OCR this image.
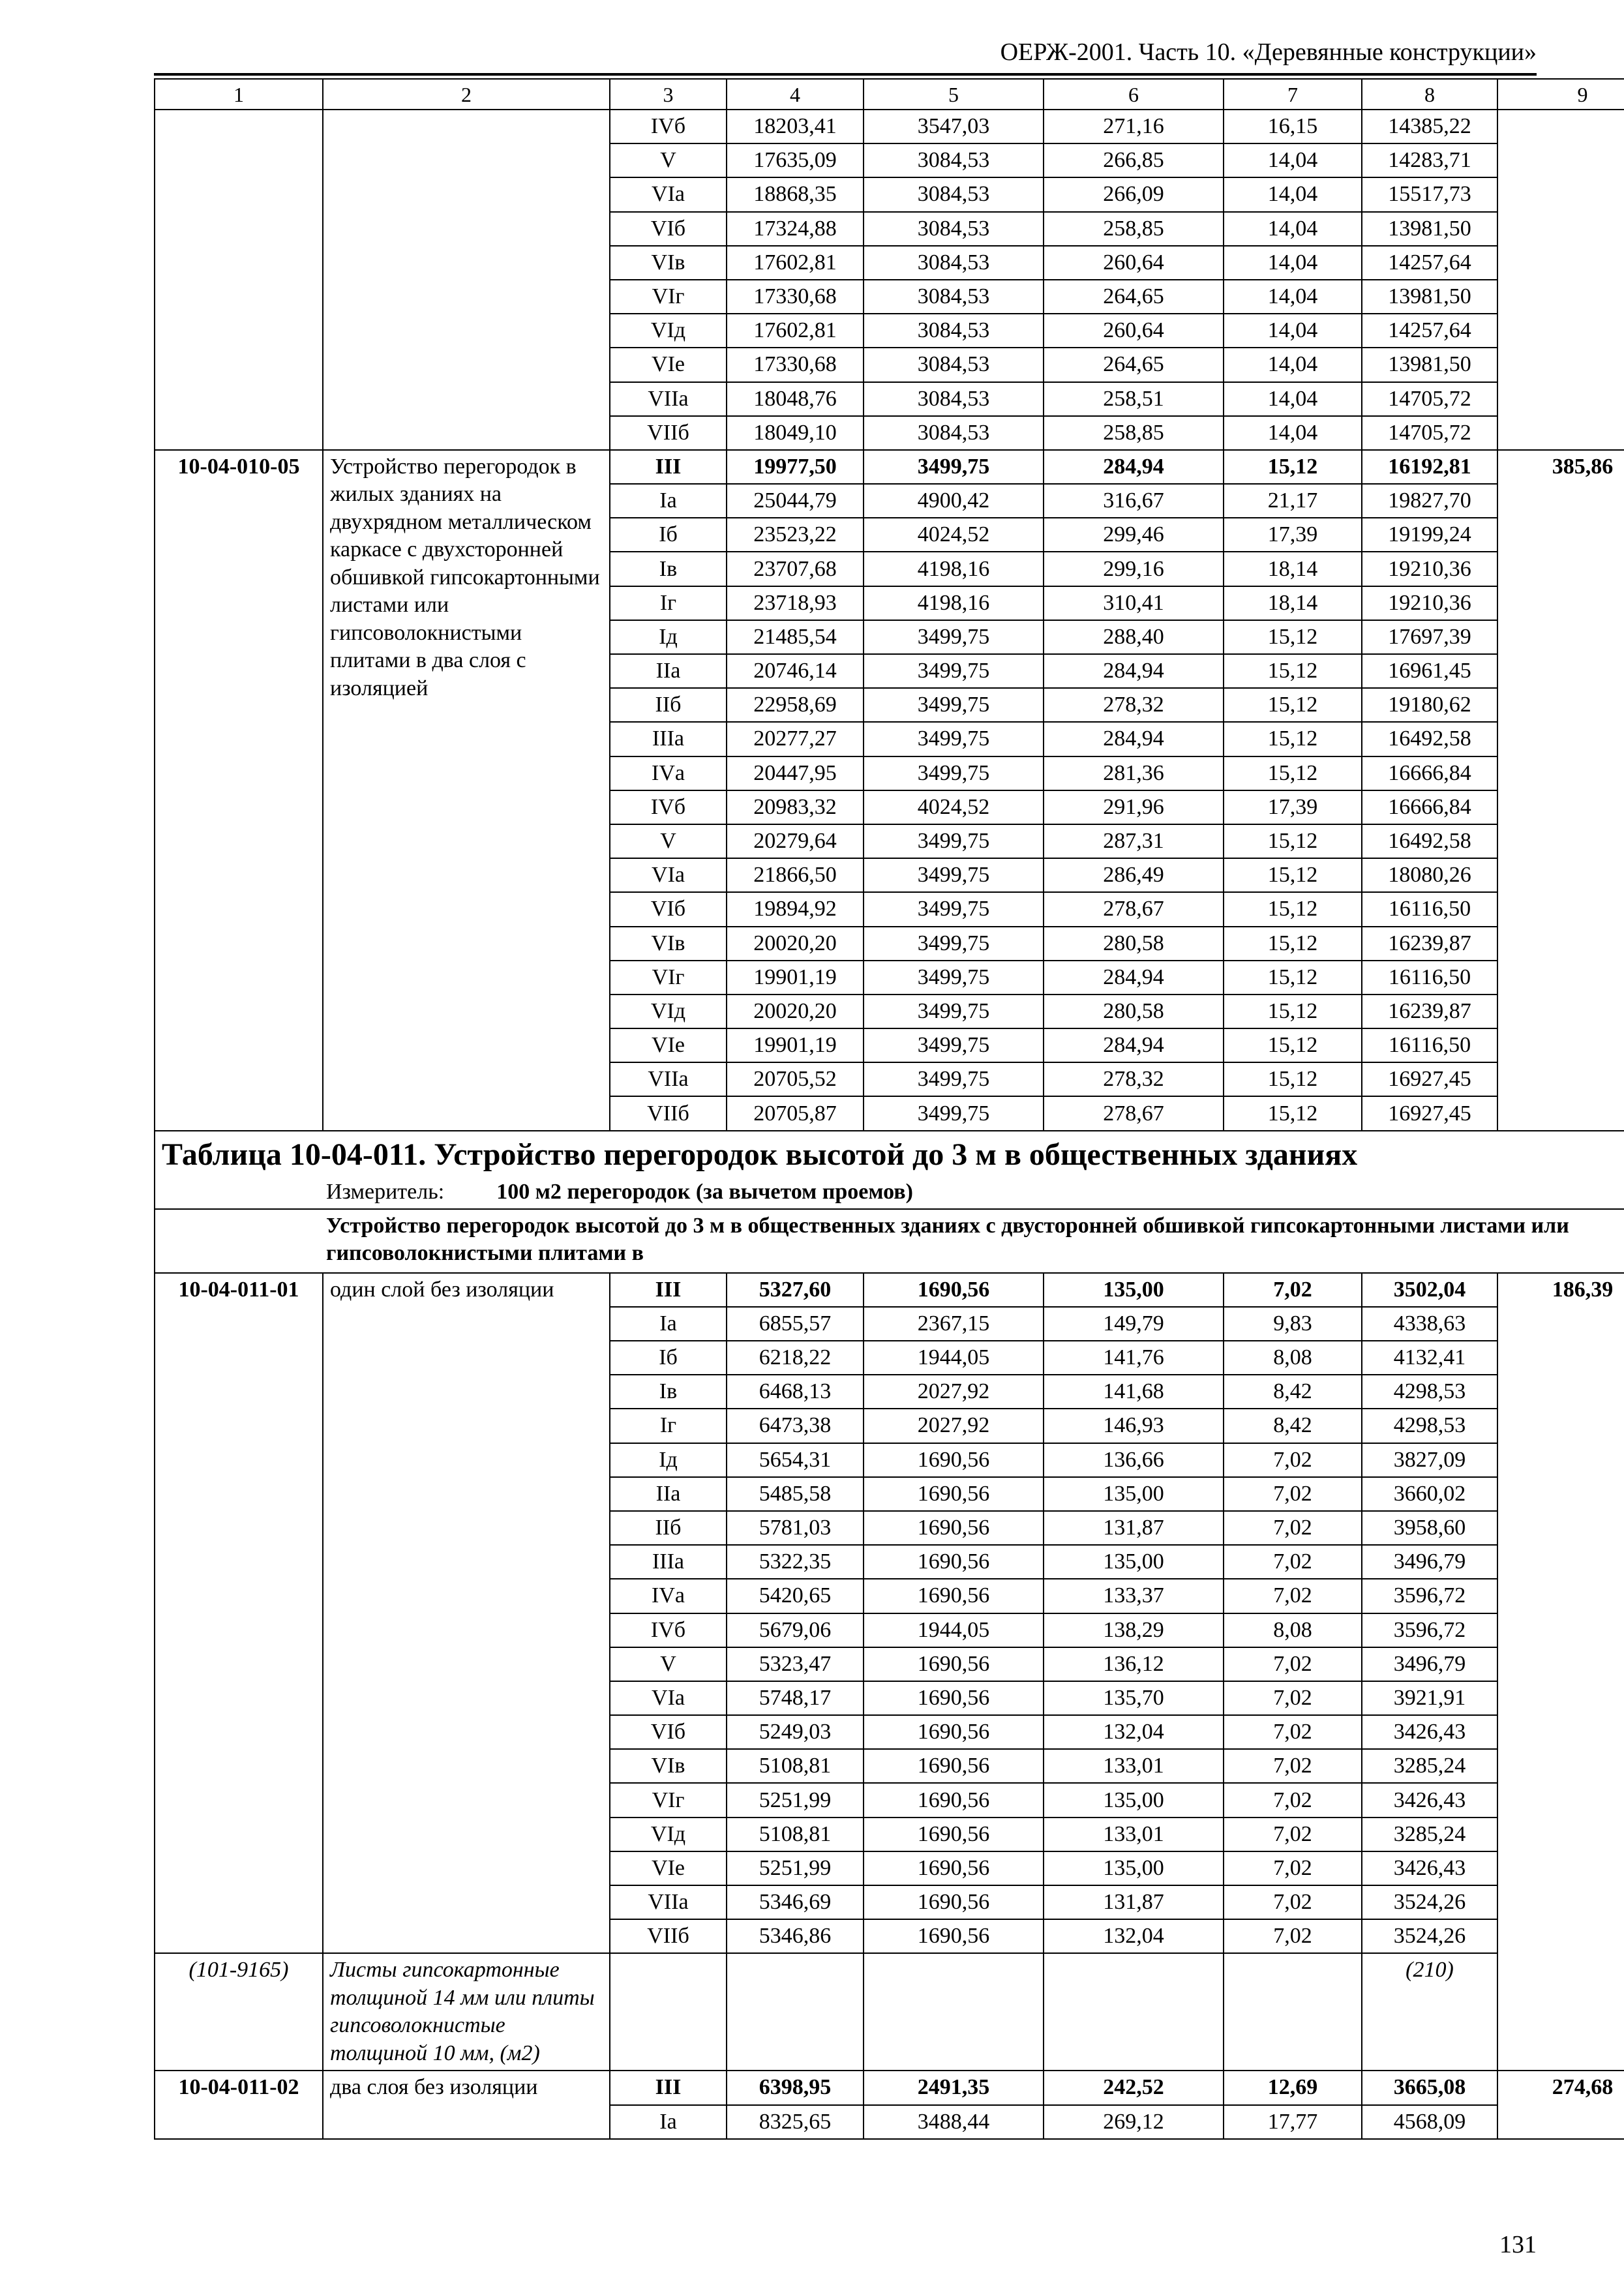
ОЕРЖ-2001. Часть 10. «Деревянные конструкции»
1	2	3	4	5	6	7	8	9
		IVб	18203,41	3547,03	271,16	16,15	14385,22	
		V	17635,09	3084,53	266,85	14,04	14283,71	
		VIа	18868,35	3084,53	266,09	14,04	15517,73	
		VIб	17324,88	3084,53	258,85	14,04	13981,50	
		VIв	17602,81	3084,53	260,64	14,04	14257,64	
		VIг	17330,68	3084,53	264,65	14,04	13981,50	
		VIд	17602,81	3084,53	260,64	14,04	14257,64	
		VIе	17330,68	3084,53	264,65	14,04	13981,50	
		VIIа	18048,76	3084,53	258,51	14,04	14705,72	
		VIIб	18049,10	3084,53	258,85	14,04	14705,72	
10-04-010-05	Устройство перегородок в жилых зданиях на двухрядном металлическом каркасе с двухсторонней обшивкой гипсокартонными листами или гипсоволокнистыми плитами в два слоя с изоляцией	III	19977,50	3499,75	284,94	15,12	16192,81	385,86
		Iа	25044,79	4900,42	316,67	21,17	19827,70	
		Iб	23523,22	4024,52	299,46	17,39	19199,24	
		Iв	23707,68	4198,16	299,16	18,14	19210,36	
		Iг	23718,93	4198,16	310,41	18,14	19210,36	
		Iд	21485,54	3499,75	288,40	15,12	17697,39	
		IIа	20746,14	3499,75	284,94	15,12	16961,45	
		IIб	22958,69	3499,75	278,32	15,12	19180,62	
		IIIа	20277,27	3499,75	284,94	15,12	16492,58	
		IVа	20447,95	3499,75	281,36	15,12	16666,84	
		IVб	20983,32	4024,52	291,96	17,39	16666,84	
		V	20279,64	3499,75	287,31	15,12	16492,58	
		VIа	21866,50	3499,75	286,49	15,12	18080,26	
		VIб	19894,92	3499,75	278,67	15,12	16116,50	
		VIв	20020,20	3499,75	280,58	15,12	16239,87	
		VIг	19901,19	3499,75	284,94	15,12	16116,50	
		VIд	20020,20	3499,75	280,58	15,12	16239,87	
		VIе	19901,19	3499,75	284,94	15,12	16116,50	
		VIIа	20705,52	3499,75	278,32	15,12	16927,45	
		VIIб	20705,87	3499,75	278,67	15,12	16927,45	
Таблица 10-04-011. Устройство перегородок высотой до 3 м в общественных зданиях								
Измеритель: 100 м2 перегородок (за вычетом проемов)								
Устройство перегородок высотой до 3 м в общественных зданиях с двусторонней обшивкой гипсокартонными листами или гипсоволокнистыми плитами в								
10-04-011-01	один слой без изоляции	III	5327,60	1690,56	135,00	7,02	3502,04	186,39
		Iа	6855,57	2367,15	149,79	9,83	4338,63	
		Iб	6218,22	1944,05	141,76	8,08	4132,41	
		Iв	6468,13	2027,92	141,68	8,42	4298,53	
		Iг	6473,38	2027,92	146,93	8,42	4298,53	
		Iд	5654,31	1690,56	136,66	7,02	3827,09	
		IIа	5485,58	1690,56	135,00	7,02	3660,02	
		IIб	5781,03	1690,56	131,87	7,02	3958,60	
		IIIа	5322,35	1690,56	135,00	7,02	3496,79	
		IVа	5420,65	1690,56	133,37	7,02	3596,72	
		IVб	5679,06	1944,05	138,29	8,08	3596,72	
		V	5323,47	1690,56	136,12	7,02	3496,79	
		VIа	5748,17	1690,56	135,70	7,02	3921,91	
		VIб	5249,03	1690,56	132,04	7,02	3426,43	
		VIв	5108,81	1690,56	133,01	7,02	3285,24	
		VIг	5251,99	1690,56	135,00	7,02	3426,43	
		VIд	5108,81	1690,56	133,01	7,02	3285,24	
		VIе	5251,99	1690,56	135,00	7,02	3426,43	
		VIIа	5346,69	1690,56	131,87	7,02	3524,26	
		VIIб	5346,86	1690,56	132,04	7,02	3524,26	
(101-9165)	Листы гипсокартонные толщиной 14 мм или плиты гипсоволокнистые толщиной 10 мм, (м2)						(210)	
10-04-011-02	два слоя без изоляции	III	6398,95	2491,35	242,52	12,69	3665,08	274,68
		Iа	8325,65	3488,44	269,12	17,77	4568,09	
131
